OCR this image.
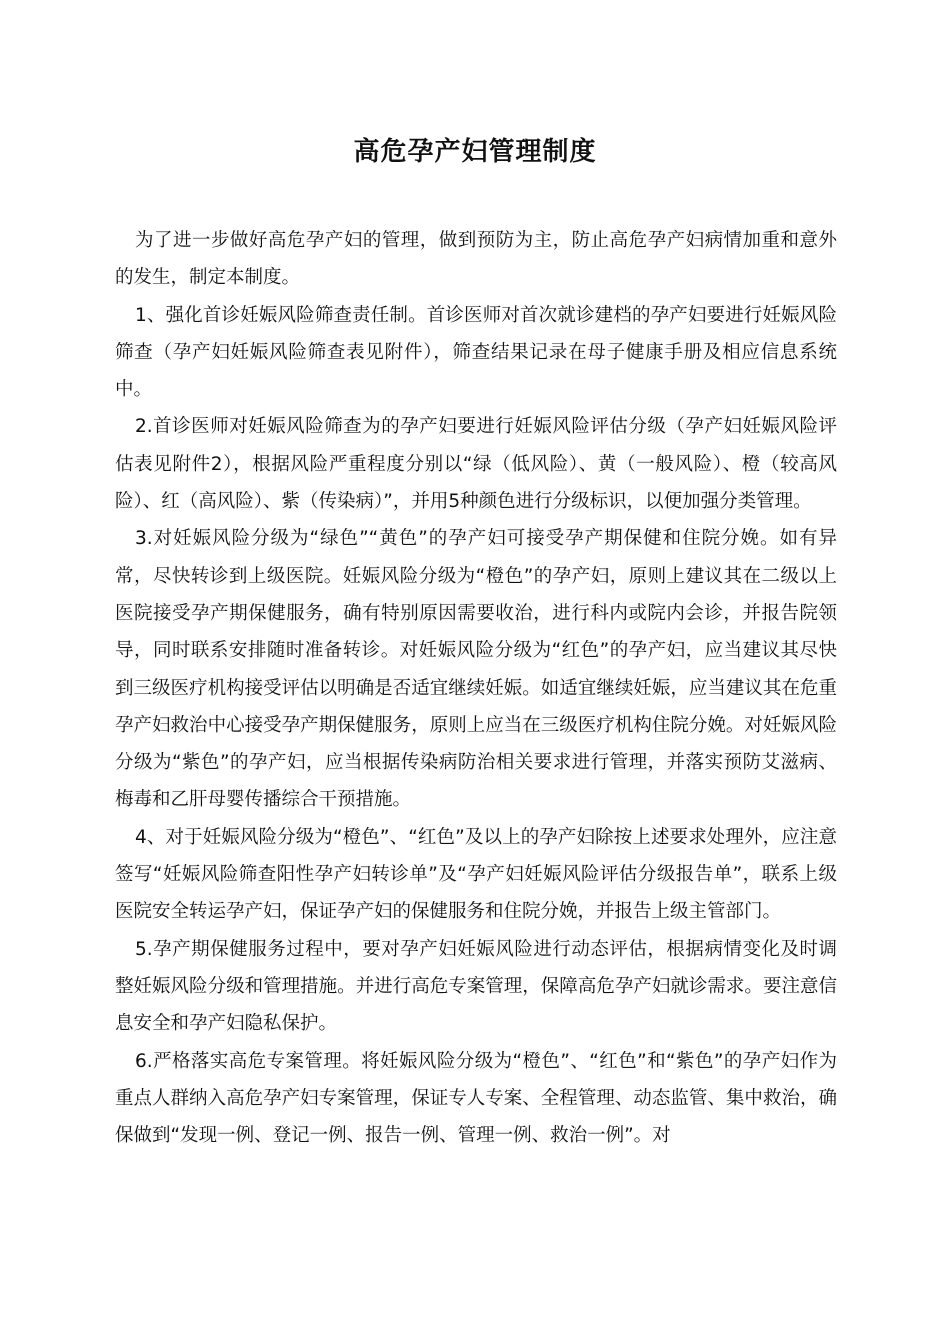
高危孕产妇管理制度

为了进一步做好高危孕产妇的管理，做到预防为主，防止高危孕产妇病情加重和意外的发生，制定本制度。

1、强化首诊妊娠风险筛查责任制。首诊医师对首次就诊建档的孕产妇要进行妊娠风险筛查（孕产妇妊娠风险筛查表见附件），筛查结果记录在母子健康手册及相应信息系统中。

2.首诊医师对妊娠风险筛查为的孕产妇要进行妊娠风险评估分级（孕产妇妊娠风险评估表见附件2），根据风险严重程度分别以“绿（低风险）、黄（一般风险）、橙（较高风险）、红（高风险）、紫（传染病）”，并用5种颜色进行分级标识，以便加强分类管理。

3.对妊娠风险分级为“绿色”“黄色”的孕产妇可接受孕产期保健和住院分娩。如有异常，尽快转诊到上级医院。妊娠风险分级为“橙色”的孕产妇，原则上建议其在二级以上医院接受孕产期保健服务，确有特别原因需要收治，进行科内或院内会诊，并报告院领导，同时联系安排随时准备转诊。对妊娠风险分级为“红色”的孕产妇，应当建议其尽快到三级医疗机构接受评估以明确是否适宜继续妊娠。如适宜继续妊娠，应当建议其在危重孕产妇救治中心接受孕产期保健服务，原则上应当在三级医疗机构住院分娩。对妊娠风险分级为“紫色”的孕产妇，应当根据传染病防治相关要求进行管理，并落实预防艾滋病、梅毒和乙肝母婴传播综合干预措施。

4、对于妊娠风险分级为“橙色”、“红色”及以上的孕产妇除按上述要求处理外，应注意签写“妊娠风险筛查阳性孕产妇转诊单”及“孕产妇妊娠风险评估分级报告单”，联系上级医院安全转运孕产妇，保证孕产妇的保健服务和住院分娩，并报告上级主管部门。

5.孕产期保健服务过程中，要对孕产妇妊娠风险进行动态评估，根据病情变化及时调整妊娠风险分级和管理措施。并进行高危专案管理，保障高危孕产妇就诊需求。要注意信息安全和孕产妇隐私保护。

6.严格落实高危专案管理。将妊娠风险分级为“橙色”、“红色”和“紫色”的孕产妇作为重点人群纳入高危孕产妇专案管理，保证专人专案、全程管理、动态监管、集中救治，确保做到“发现一例、登记一例、报告一例、管理一例、救治一例”。对
